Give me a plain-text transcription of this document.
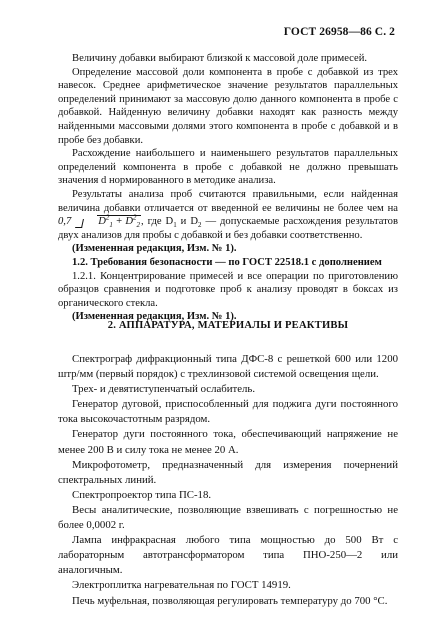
ГОСТ 26958—86 С. 2

Величину добавки выбирают близкой к массовой доле примесей.

Определение массовой доли компонента в пробе с добавкой из трех навесок. Среднее арифметическое значение результатов параллельных определений принимают за массовую долю данного компонента в пробе с добавкой. Найденную величину добавки находят как разность между найденными массовыми долями этого компонента в пробе с добавкой и в пробе без добавки.

Расхождение наибольшего и наименьшего результатов параллельных определений компонента в пробе с добавкой не должно превышать значения d нормированного в методике анализа.

Результаты анализа проб считаются правильными, если найденная величина добавки отличается от введенной ее величины не более чем на 0,7	$D^2_1 + D^2_2$, где $D_1$ и $D_2$ — допускаемые расхождения результатов двух анализов для пробы с добавкой и без добавки соответственно.

(Измененная редакция, Изм. № 1).

1.2. Требования безопасности — по ГОСТ 22518.1 с дополнением

1.2.1. Концентрирование примесей и все операции по приготовлению образцов сравнения и подготовке проб к анализу проводят в боксах из органического стекла.

(Измененная редакция, Изм. № 1).

2. АППАРАТУРА, МАТЕРИАЛЫ И РЕАКТИВЫ

Спектрограф дифракционный типа ДФС-8 с решеткой 600 или 1200 штр/мм (первый порядок) с трехлинзовой системой освещения щели.

Трех- и девятиступенчатый ослабитель.

Генератор дуговой, приспособленный для поджига дуги постоянного тока высокочастотным разрядом.

Генератор дуги постоянного тока, обеспечивающий напряжение не менее 200 В и силу тока не менее 20 А.

Микрофотометр, предназначенный для измерения почернений спектральных линий.

Спектропроектор типа ПС-18.

Весы аналитические, позволяющие взвешивать с погрешностью не более 0,0002 г.

Лампа инфракрасная любого типа мощностью до 500 Вт с лабораторным автотрансформатором типа ПНО-250—2 или аналогичным.

Электроплитка нагревательная по ГОСТ 14919.

Печь муфельная, позволяющая регулировать температуру до 700 °С.
